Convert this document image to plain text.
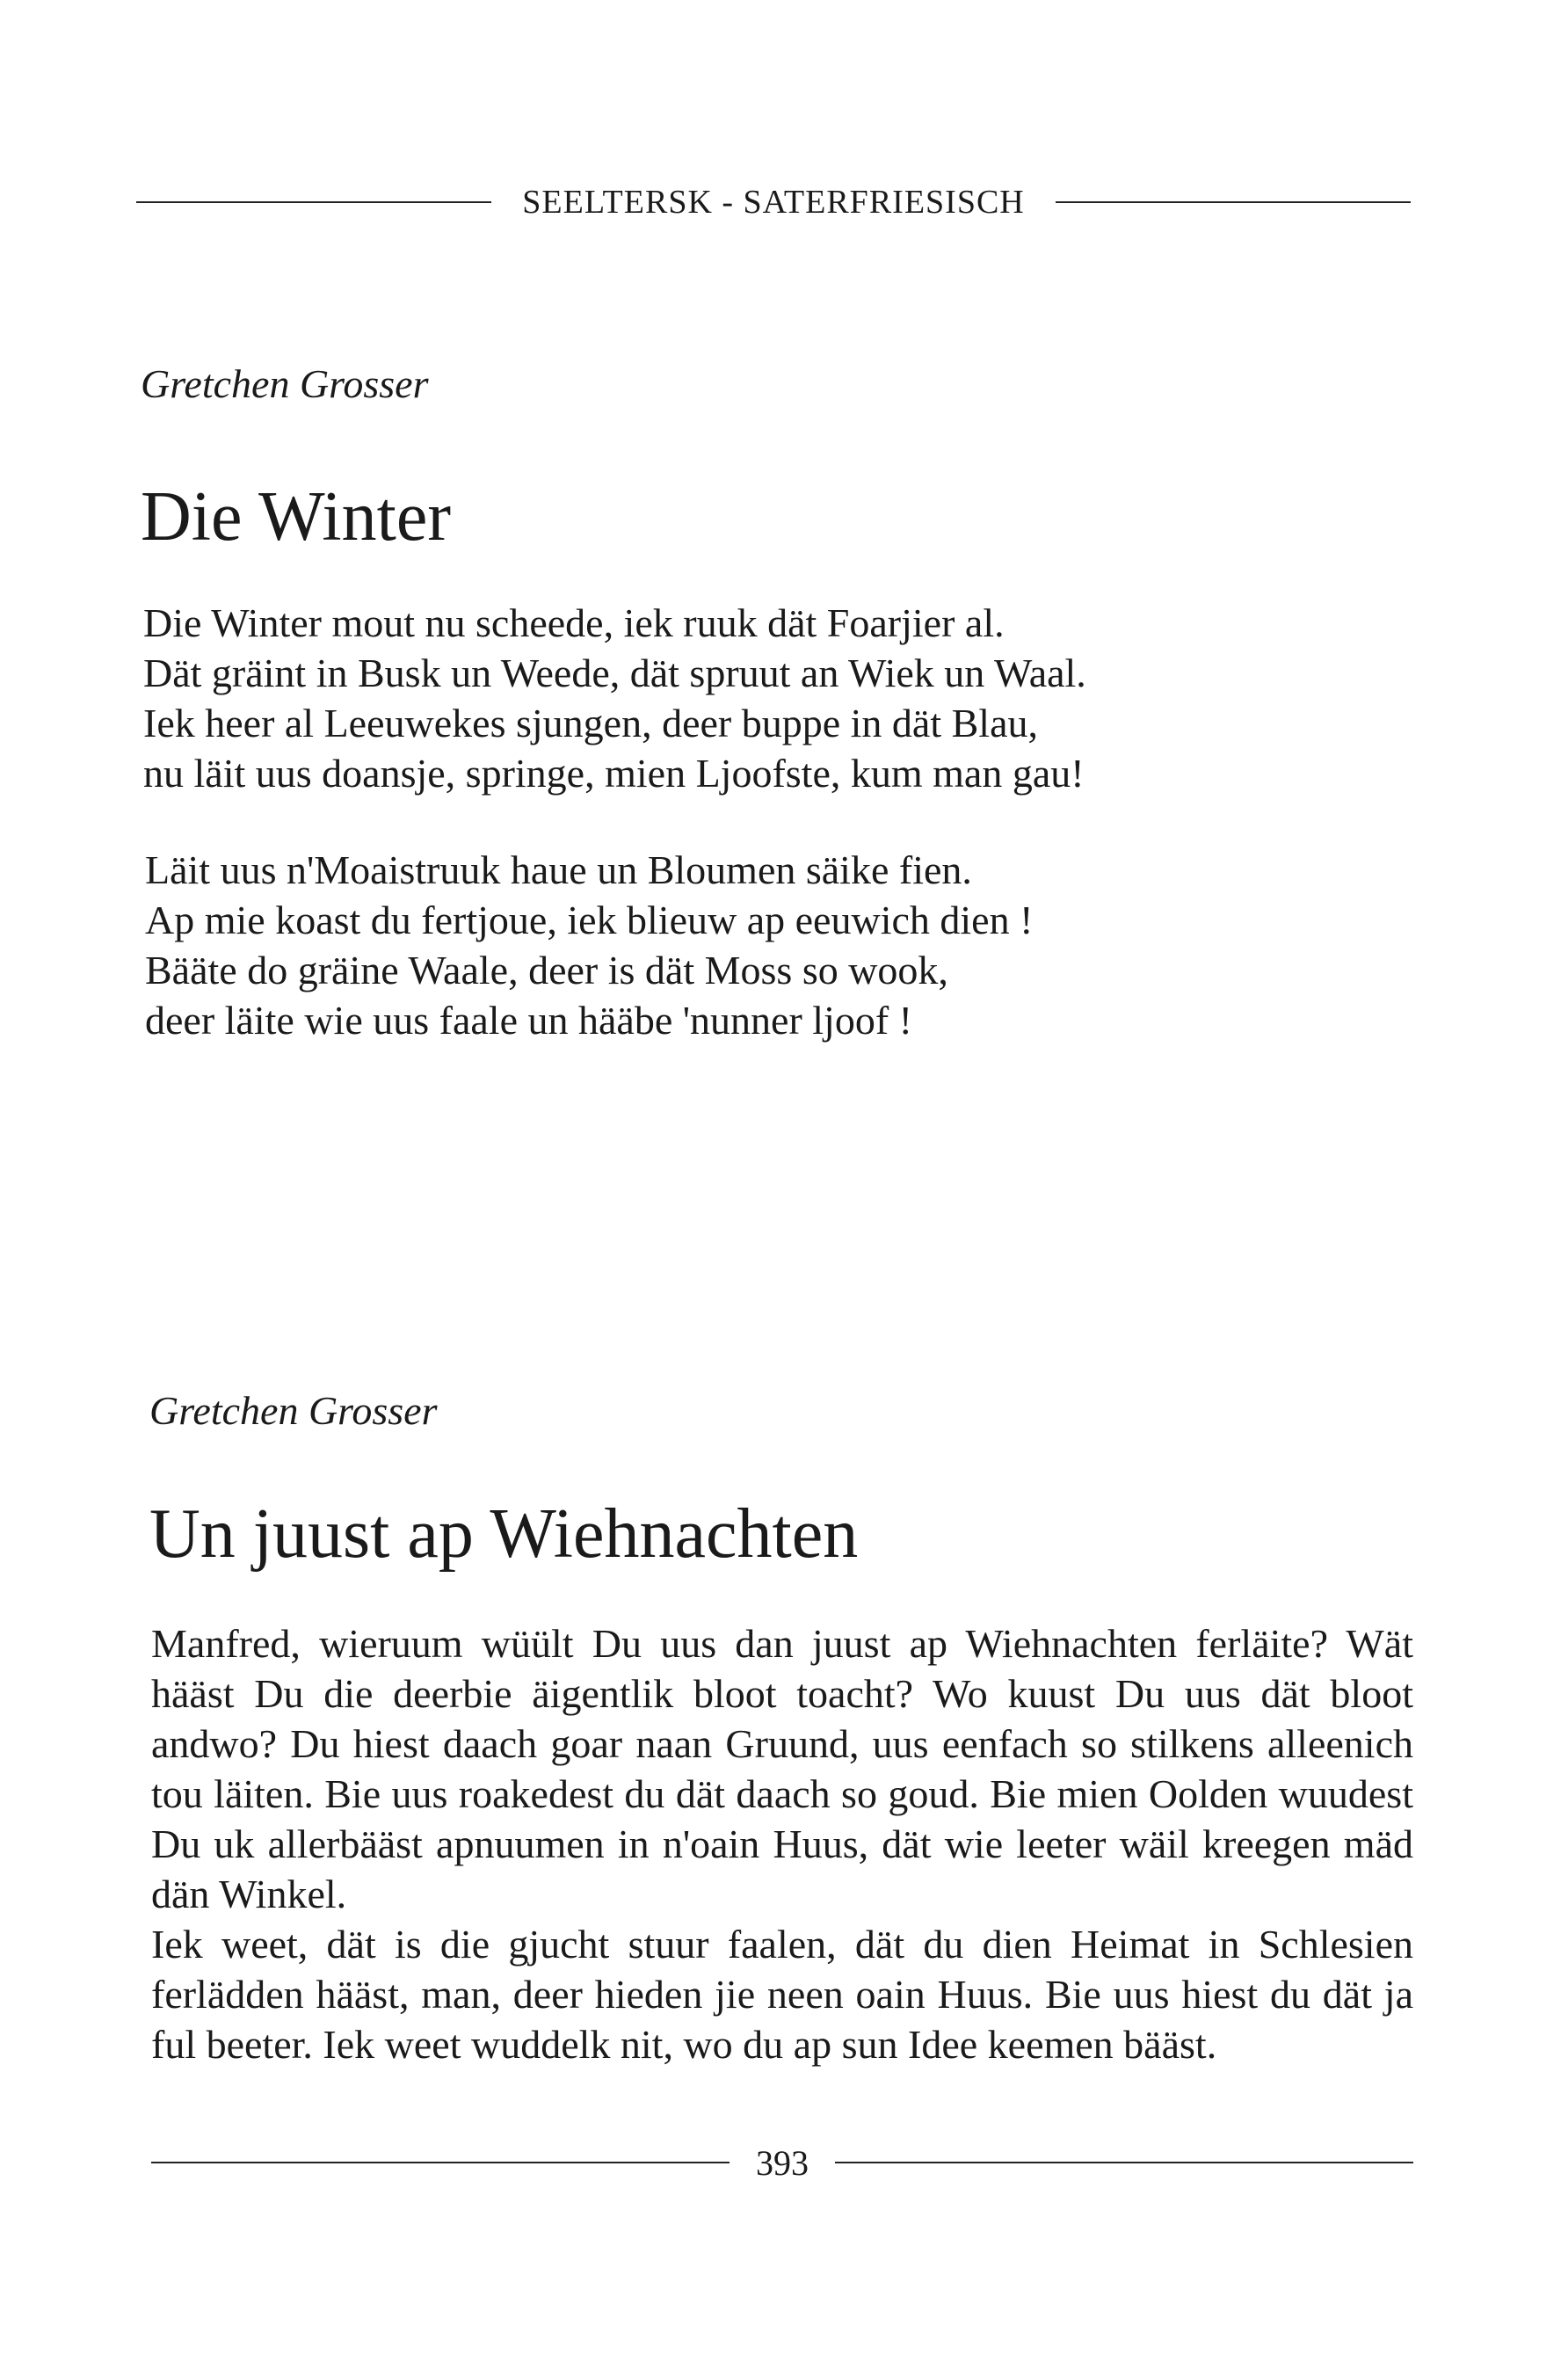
SEELTERSK - SATERFRIESISCH

Gretchen Grosser

Die Winter
Die Winter mout nu scheede, iek ruuk dät Foarjier al.
Dät gräint in Busk un Weede, dät spruut an Wiek un Waal.
Iek heer al Leeuwekes sjungen, deer buppe in dät Blau,
nu läit uus doansje, springe, mien Ljoofste, kum man gau!
Läit uus n'Moaistruuk haue un Bloumen säike fien.
Ap mie koast du fertjoue, iek blieuw ap eeuwich dien !
Bääte do gräine Waale, deer is dät Moss so wook,
deer läite wie uus faale un hääbe 'nunner ljoof !

Gretchen Grosser

Un juust ap Wiehnachten

Manfred, wieruum wüült Du uus dan juust ap Wiehnachten ferläite? Wät hääst Du die deerbie äigentlik bloot toacht? Wo kuust Du uus dät bloot andwo? Du hiest daach goar naan Gruund, uus eenfach so stilkens alleenich tou läiten. Bie uus roakedest du dät daach so goud. Bie mien Oolden wuudest Du uk allerbääst apnuumen in n'oain Huus, dät wie leeter wäil kreegen mäd dän Winkel.

Iek weet, dät is die gjucht stuur faalen, dät du dien Heimat in Schlesien ferlädden hääst, man, deer hieden jie neen oain Huus. Bie uus hiest du dät ja ful beeter. Iek weet wuddelk nit, wo du ap sun Idee keemen bääst.

393
